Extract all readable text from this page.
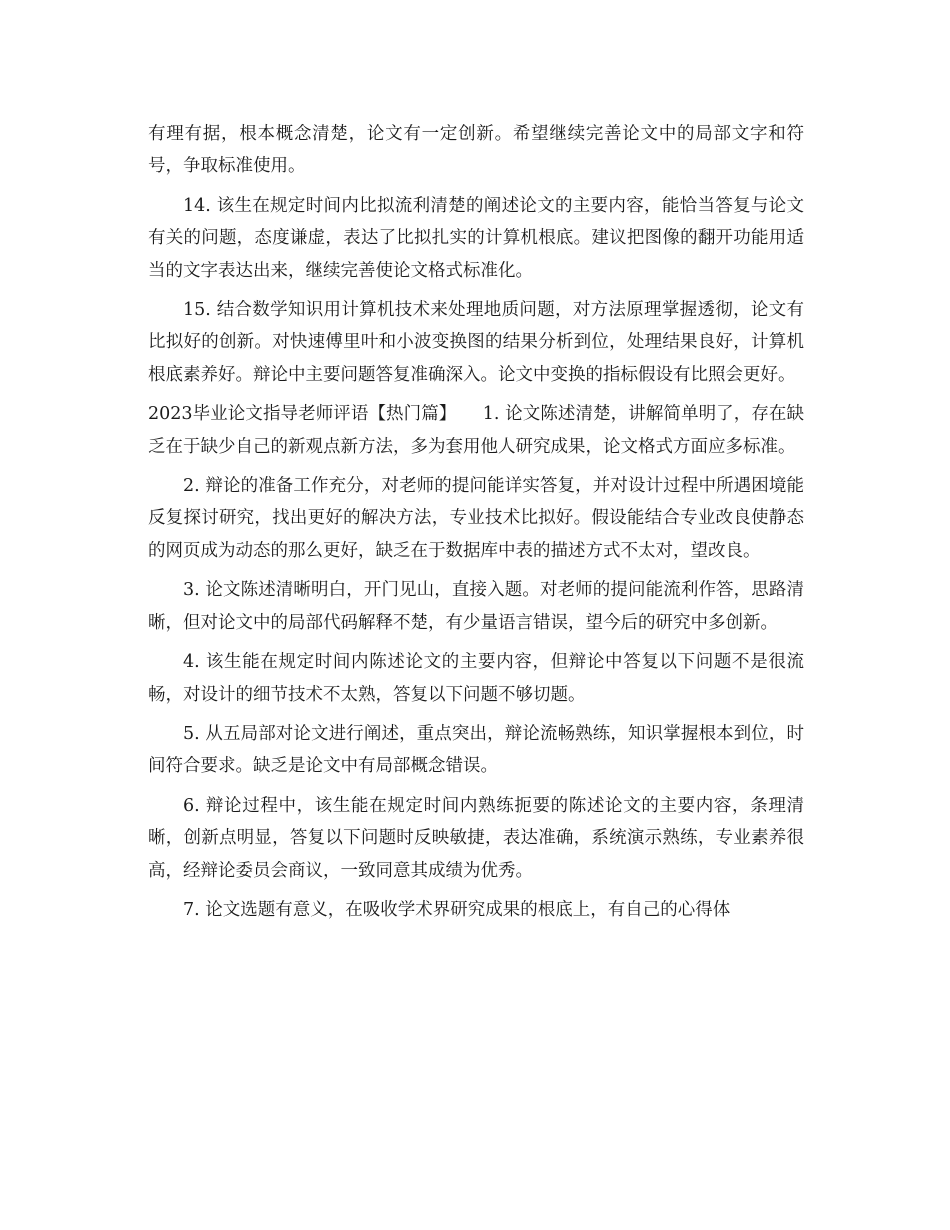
有理有据，根本概念清楚，论文有一定创新。希望继续完善论文中的局部文字和符号，争取标准使用。

14. 该生在规定时间内比拟流利清楚的阐述论文的主要内容，能恰当答复与论文有关的问题，态度谦虚，表达了比拟扎实的计算机根底。建议把图像的翻开功能用适当的文字表达出来，继续完善使论文格式标准化。

15. 结合数学知识用计算机技术来处理地质问题，对方法原理掌握透彻，论文有比拟好的创新。对快速傅里叶和小波变换图的结果分析到位，处理结果良好，计算机根底素养好。辩论中主要问题答复准确深入。论文中变换的指标假设有比照会更好。

2023毕业论文指导老师评语【热门篇】　　1. 论文陈述清楚，讲解简单明了，存在缺乏在于缺少自己的新观点新方法，多为套用他人研究成果，论文格式方面应多标准。

2. 辩论的准备工作充分，对老师的提问能详实答复，并对设计过程中所遇困境能反复探讨研究，找出更好的解决方法，专业技术比拟好。假设能结合专业改良使静态的网页成为动态的那么更好，缺乏在于数据库中表的描述方式不太对，望改良。

3. 论文陈述清晰明白，开门见山，直接入题。对老师的提问能流利作答，思路清晰，但对论文中的局部代码解释不楚，有少量语言错误，望今后的研究中多创新。

4. 该生能在规定时间内陈述论文的主要内容，但辩论中答复以下问题不是很流畅，对设计的细节技术不太熟，答复以下问题不够切题。

5. 从五局部对论文进行阐述，重点突出，辩论流畅熟练，知识掌握根本到位，时间符合要求。缺乏是论文中有局部概念错误。

6. 辩论过程中，该生能在规定时间内熟练扼要的陈述论文的主要内容，条理清晰，创新点明显，答复以下问题时反映敏捷，表达准确，系统演示熟练，专业素养很高，经辩论委员会商议，一致同意其成绩为优秀。

7. 论文选题有意义，在吸收学术界研究成果的根底上，有自己的心得体
